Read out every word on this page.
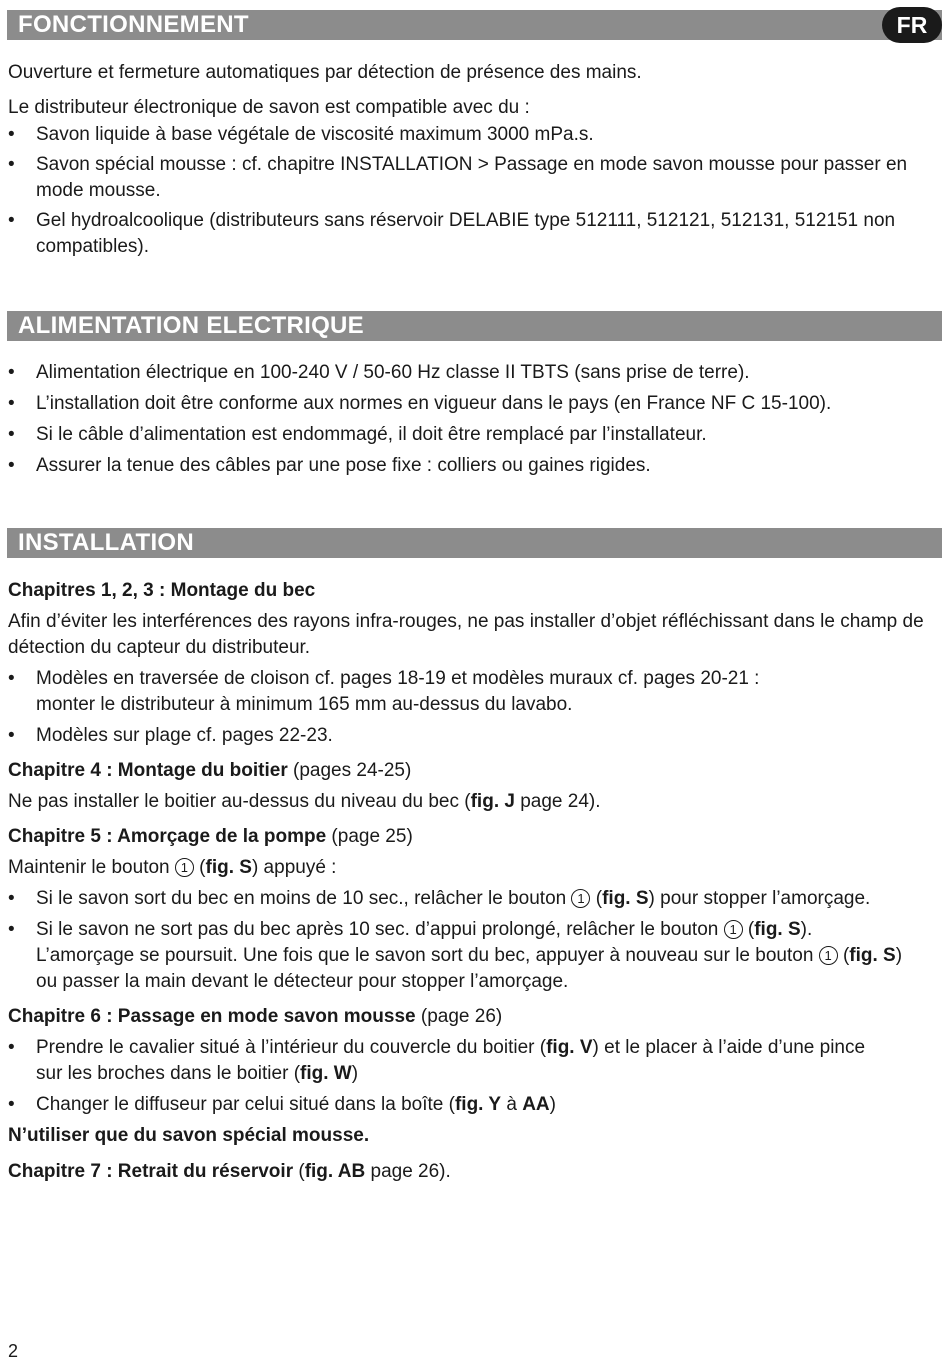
FONCTIONNEMENT	FR

Ouverture et fermeture automatiques par détection de présence des mains.

Le distributeur électronique de savon est compatible avec du :

• Savon liquide à base végétale de viscosité maximum 3000 mPa.s.

• Savon spécial mousse : cf. chapitre INSTALLATION > Passage en mode savon mousse pour passer en mode mousse.

• Gel hydroalcoolique (distributeurs sans réservoir DELABIE type 512111, 512121, 512131, 512151 non compatibles).

ALIMENTATION ELECTRIQUE

• Alimentation électrique en 100-240 V / 50-60 Hz classe II TBTS (sans prise de terre).

• L’installation doit être conforme aux normes en vigueur dans le pays (en France NF C 15-100).

• Si le câble d’alimentation est endommagé, il doit être remplacé par l’installateur.

• Assurer la tenue des câbles par une pose fixe : colliers ou gaines rigides.

INSTALLATION

Chapitres 1, 2, 3 : Montage du bec

Afin d’éviter les interférences des rayons infra-rouges, ne pas installer d’objet réfléchissant dans le champ de détection du capteur du distributeur.

• Modèles en traversée de cloison cf. pages 18-19 et modèles muraux cf. pages 20-21 :
monter le distributeur à minimum 165 mm au-dessus du lavabo.

• Modèles sur plage cf. pages 22-23.

Chapitre 4 : Montage du boitier (pages 24-25)

Ne pas installer le boitier au-dessus du niveau du bec (fig. J page 24).

Chapitre 5 : Amorçage de la pompe (page 25)

Maintenir le bouton 1 (fig. S) appuyé :

• Si le savon sort du bec en moins de 10 sec., relâcher le bouton 1 (fig. S) pour stopper l’amorçage.

• Si le savon ne sort pas du bec après 10 sec. d’appui prolongé, relâcher le bouton 1 (fig. S).
L’amorçage se poursuit. Une fois que le savon sort du bec, appuyer à nouveau sur le bouton 1 (fig. S)
ou passer la main devant le détecteur pour stopper l’amorçage.

Chapitre 6 : Passage en mode savon mousse (page 26)

• Prendre le cavalier situé à l’intérieur du couvercle du boitier (fig. V) et le placer à l’aide d’une pince
sur les broches dans le boitier (fig. W)

• Changer le diffuseur par celui situé dans la boîte (fig. Y à AA)

N’utiliser que du savon spécial mousse.

Chapitre 7 : Retrait du réservoir (fig. AB page 26).

2
